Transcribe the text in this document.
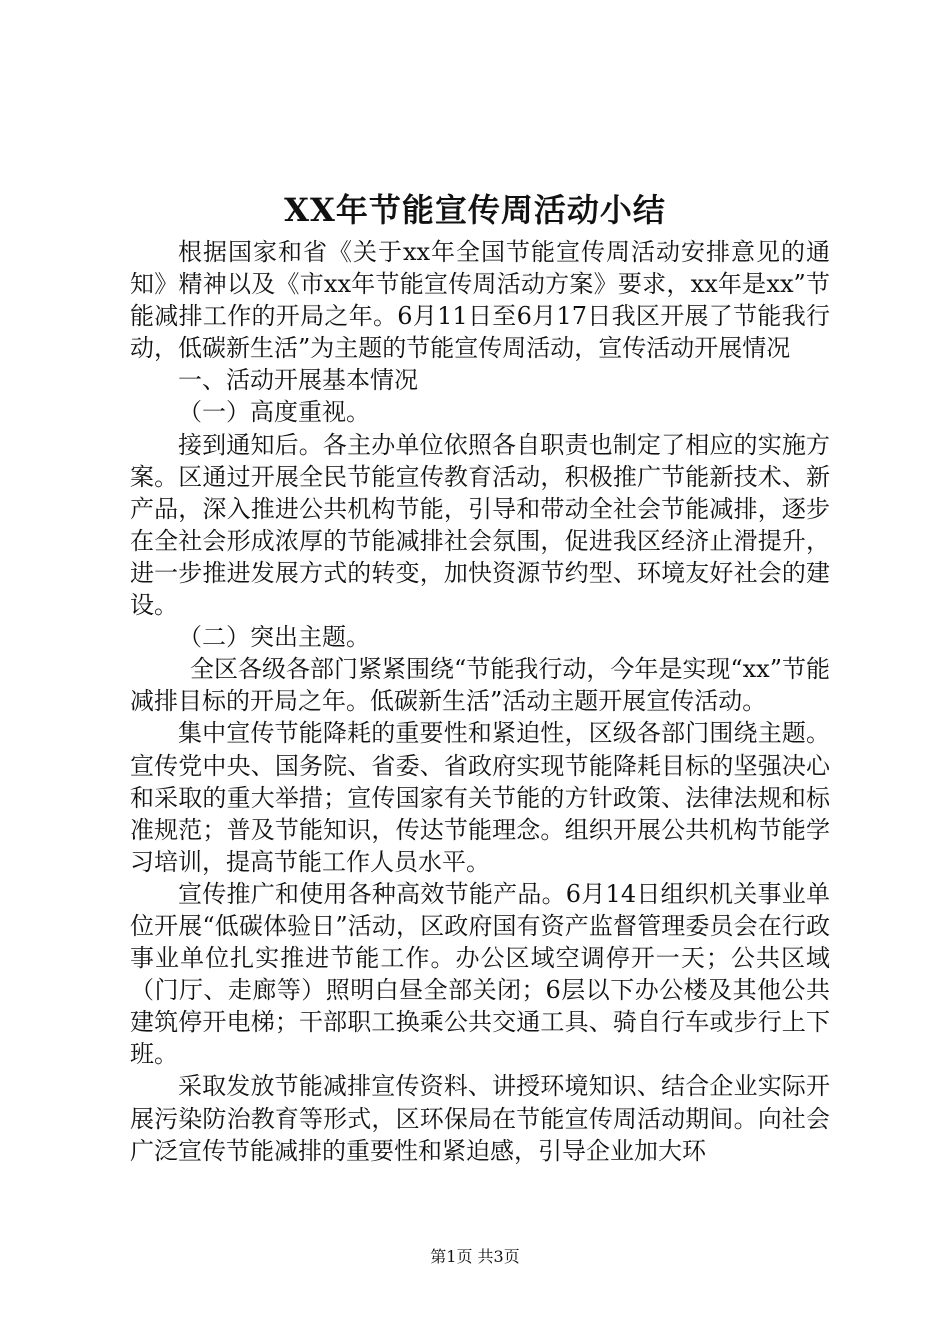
XX年节能宣传周活动小结

根据国家和省《关于xx年全国节能宣传周活动安排意见的通知》精神以及《市xx年节能宣传周活动方案》要求，xx年是xx”节能减排工作的开局之年。6月11日至6月17日我区开展了节能我行动，低碳新生活”为主题的节能宣传周活动，宣传活动开展情况

一、活动开展基本情况

（一）高度重视。

接到通知后。各主办单位依照各自职责也制定了相应的实施方案。区通过开展全民节能宣传教育活动，积极推广节能新技术、新产品，深入推进公共机构节能，引导和带动全社会节能减排，逐步在全社会形成浓厚的节能减排社会氛围，促进我区经济止滑提升，进一步推进发展方式的转变，加快资源节约型、环境友好社会的建设。

（二）突出主题。

全区各级各部门紧紧围绕“节能我行动，今年是实现“xx”节能减排目标的开局之年。低碳新生活”活动主题开展宣传活动。

集中宣传节能降耗的重要性和紧迫性，区级各部门围绕主题。宣传党中央、国务院、省委、省政府实现节能降耗目标的坚强决心和采取的重大举措；宣传国家有关节能的方针政策、法律法规和标准规范；普及节能知识，传达节能理念。组织开展公共机构节能学习培训，提高节能工作人员水平。

宣传推广和使用各种高效节能产品。6月14日组织机关事业单位开展“低碳体验日”活动，区政府国有资产监督管理委员会在行政事业单位扎实推进节能工作。办公区域空调停开一天；公共区域（门厅、走廊等）照明白昼全部关闭；6层以下办公楼及其他公共建筑停开电梯；干部职工换乘公共交通工具、骑自行车或步行上下班。

采取发放节能减排宣传资料、讲授环境知识、结合企业实际开展污染防治教育等形式，区环保局在节能宣传周活动期间。向社会广泛宣传节能减排的重要性和紧迫感，引导企业加大环

第1页 共3页
